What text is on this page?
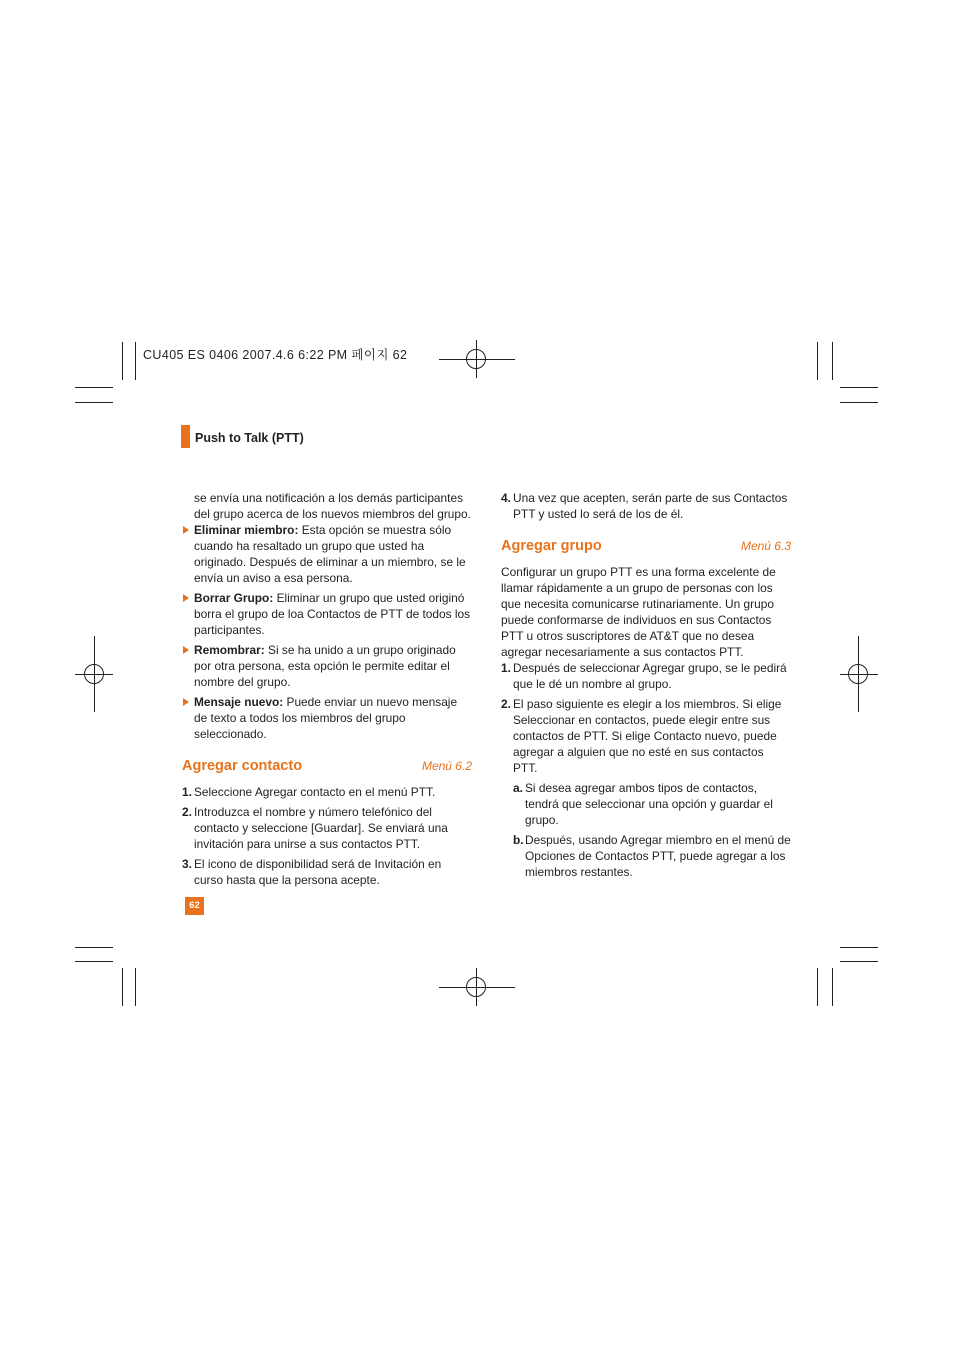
CU405 ES 0406 2007.4.6 6:22 PM 페이지 62
Push to Talk (PTT)

se envía una notificación a los demás participantes del grupo acerca de los nuevos miembros del grupo.

Eliminar miembro: Esta opción se muestra sólo cuando ha resaltado un grupo que usted ha originado. Después de eliminar a un miembro, se le envía un aviso a esa persona.
Borrar Grupo: Eliminar un grupo que usted originó borra el grupo de loa Contactos de PTT de todos los participantes.
Remombrar: Si se ha unido a un grupo originado por otra persona, esta opción le permite editar el nombre del grupo.
Mensaje nuevo: Puede enviar un nuevo mensaje de texto a todos los miembros del grupo seleccionado.
Agregar contacto	Menú 6.2
1. Seleccione Agregar contacto en el menú PTT.
2. Introduzca el nombre y número telefónico del contacto y seleccione [Guardar]. Se enviará una invitación para unirse a sus contactos PTT.
3. El icono de disponibilidad será de Invitación en curso hasta que la persona acepte.
4. Una vez que acepten, serán parte de sus Contactos PTT y usted lo será de los de él.
Agregar grupo	Menú 6.3

Configurar un grupo PTT es una forma excelente de llamar rápidamente a un grupo de personas con los que necesita comunicarse rutinariamente. Un grupo puede conformarse de individuos en sus Contactos PTT u otros suscriptores de AT&T que no desea agregar necesariamente a sus contactos PTT.

1. Después de seleccionar Agregar grupo, se le pedirá que le dé un nombre al grupo.
2. El paso siguiente es elegir a los miembros. Si elige Seleccionar en contactos, puede elegir entre sus contactos de PTT. Si elige Contacto nuevo, puede agregar a alguien que no esté en sus contactos PTT.
a. Si desea agregar ambos tipos de contactos, tendrá que seleccionar una opción y guardar el grupo.
b. Después, usando Agregar miembro en el menú de Opciones de Contactos PTT, puede agregar a los miembros restantes.
62
